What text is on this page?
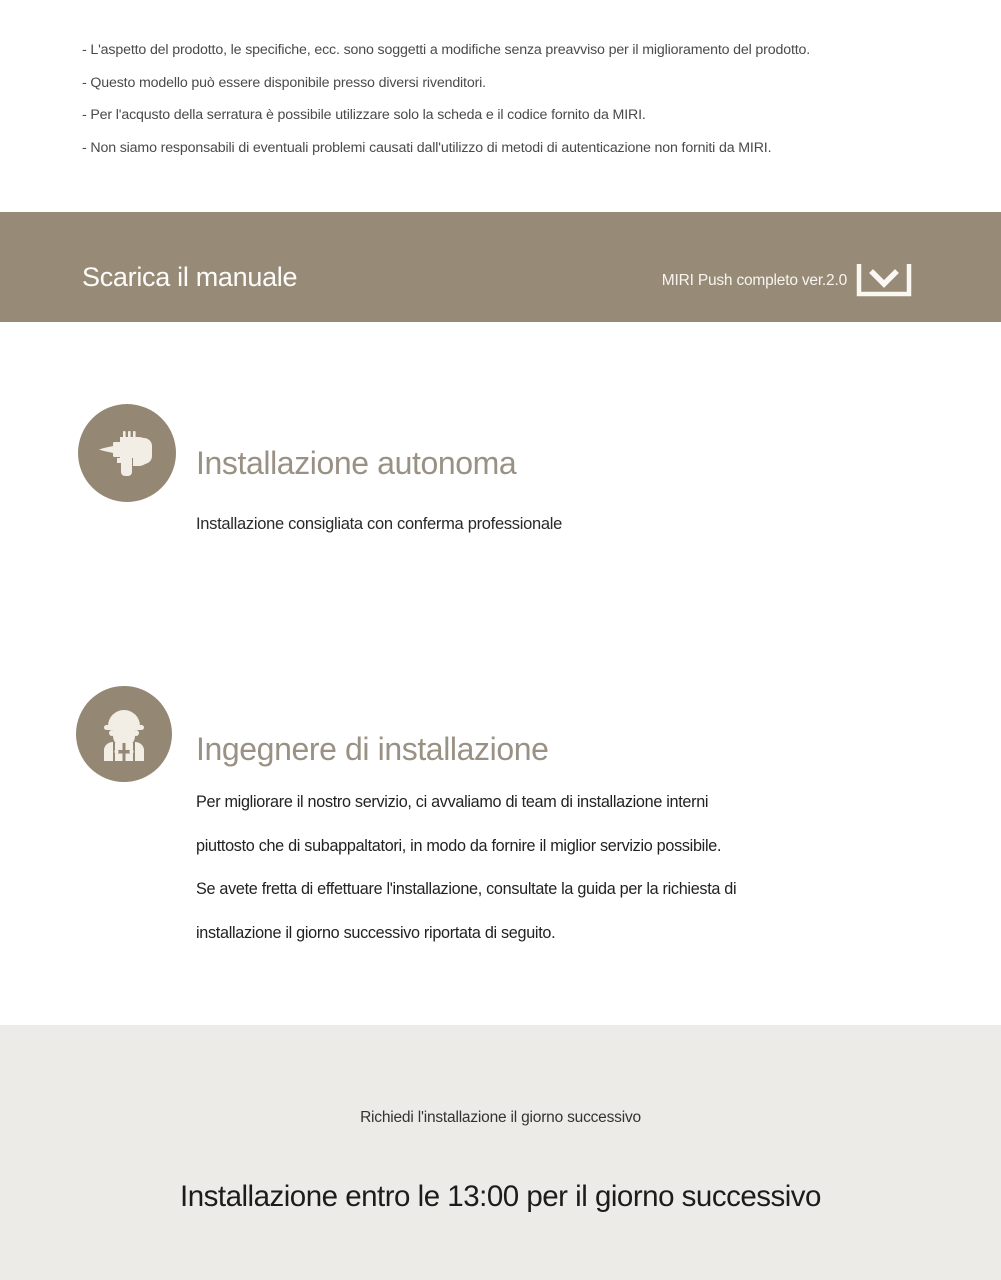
- L'aspetto del prodotto, le specifiche, ecc. sono soggetti a modifiche senza preavviso per il miglioramento del prodotto.
- Questo modello può essere disponibile presso diversi rivenditori.
- Per l'acqusto della serratura è possibile utilizzare solo la scheda e il codice fornito da MIRI.
- Non siamo responsabili di eventuali problemi causati dall'utilizzo di metodi di autenticazione non forniti da MIRI.
Scarica il manuale	MIRI Push completo ver.2.0
Installazione autonoma
Installazione consigliata con conferma professionale
Ingegnere di installazione
Per migliorare il nostro servizio, ci avvaliamo di team di installazione interni
piuttosto che di subappaltatori, in modo da fornire il miglior servizio possibile.
Se avete fretta di effettuare l'installazione, consultate la guida per la richiesta di
installazione il giorno successivo riportata di seguito.
Richiedi l'installazione il giorno successivo
Installazione entro le 13:00 per il giorno successivo
